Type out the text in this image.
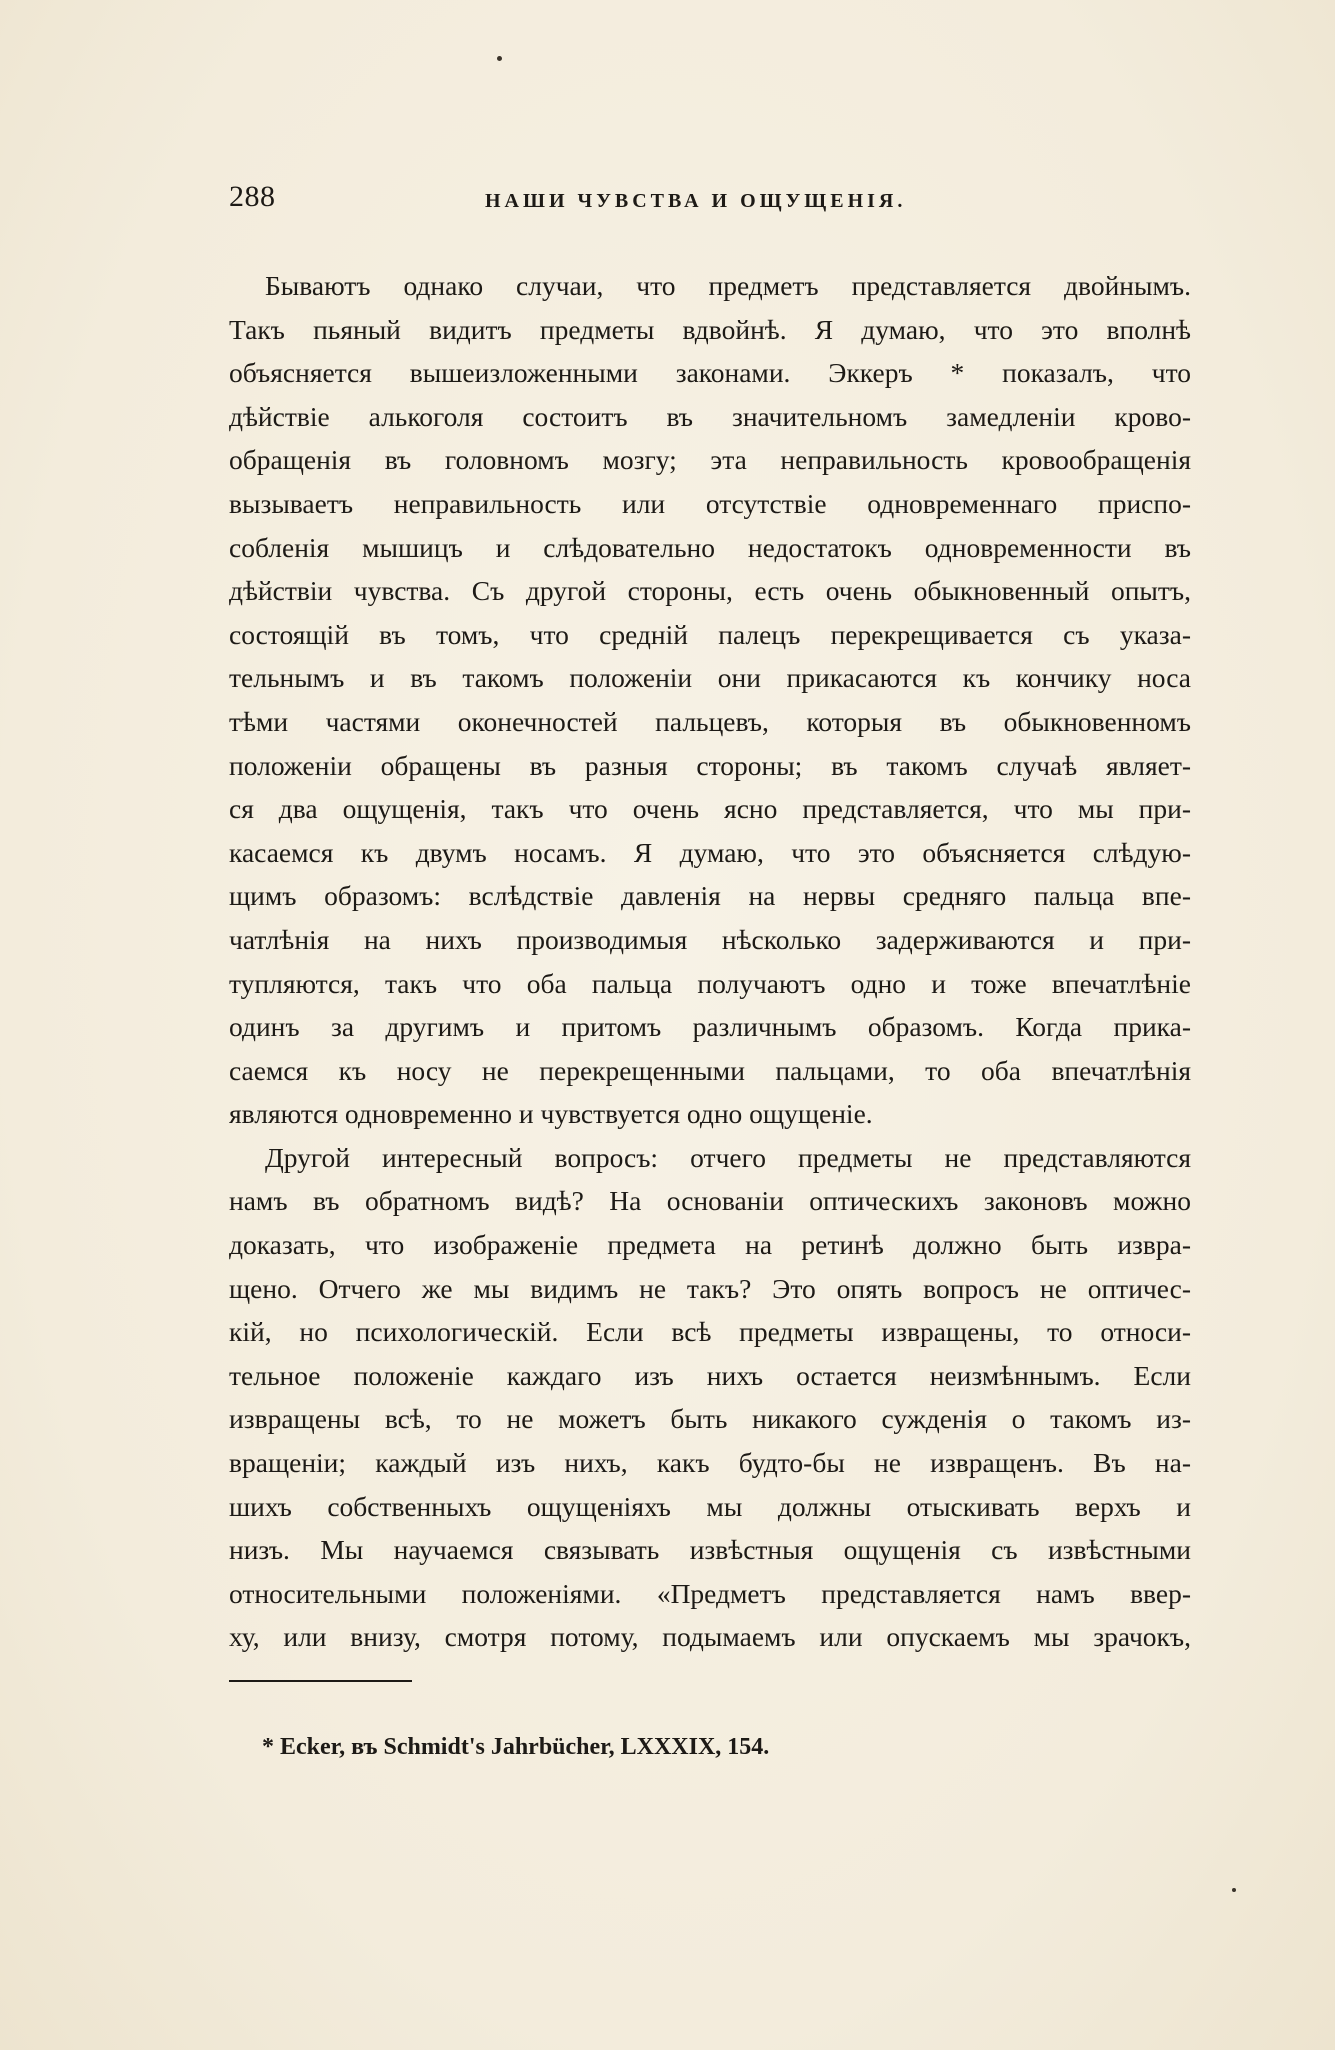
288	НАШИ ЧУВСТВА И ОЩУЩЕНІЯ.
Бываютъ однако случаи, что предметъ представляется двойнымъ.
Такъ пьяный видитъ предметы вдвойнѣ. Я думаю, что это вполнѣ
объясняется вышеизложенными законами. Эккеръ * показалъ, что
дѣйствіе алькоголя состоитъ въ значительномъ замедленіи крово-
обращенія въ головномъ мозгу; эта неправильность кровообращенія
вызываетъ неправильность или отсутствіе одновременнаго приспо-
собленія мышицъ и слѣдовательно недостатокъ одновременности въ
дѣйствіи чувства. Съ другой стороны, есть очень обыкновенный опытъ,
состоящій въ томъ, что средній палецъ перекрещивается съ указа-
тельнымъ и въ такомъ положеніи они прикасаются къ кончику носа
тѣми частями оконечностей пальцевъ, которыя въ обыкновенномъ
положеніи обращены въ разныя стороны; въ такомъ случаѣ являет-
ся два ощущенія, такъ что очень ясно представляется, что мы при-
касаемся къ двумъ носамъ. Я думаю, что это объясняется слѣдую-
щимъ образомъ: вслѣдствіе давленія на нервы средняго пальца впе-
чатлѣнія на нихъ производимыя нѣсколько задерживаются и при-
тупляются, такъ что оба пальца получаютъ одно и тоже впечатлѣніе
одинъ за другимъ и притомъ различнымъ образомъ. Когда прика-
саемся къ носу не перекрещенными пальцами, то оба впечатлѣнія
являются одновременно и чувствуется одно ощущеніе.
Другой интересный вопросъ: отчего предметы не представляются
намъ въ обратномъ видѣ? На основаніи оптическихъ законовъ можно
доказать, что изображеніе предмета на ретинѣ должно быть извра-
щено. Отчего же мы видимъ не такъ? Это опять вопросъ не оптичес-
кій, но психологическій. Если всѣ предметы извращены, то относи-
тельное положеніе каждаго изъ нихъ остается неизмѣннымъ. Если
извращены всѣ, то не можетъ быть никакого сужденія о такомъ из-
вращеніи; каждый изъ нихъ, какъ будто-бы не извращенъ. Въ на-
шихъ собственныхъ ощущеніяхъ мы должны отыскивать верхъ и
низъ. Мы научаемся связывать извѣстныя ощущенія съ извѣстными
относительными положеніями. «Предметъ представляется намъ ввер-
ху, или внизу, смотря потому, подымаемъ или опускаемъ мы зрачокъ,
* Ecker, въ Schmidt's Jahrbücher, LXXXIX, 154.
